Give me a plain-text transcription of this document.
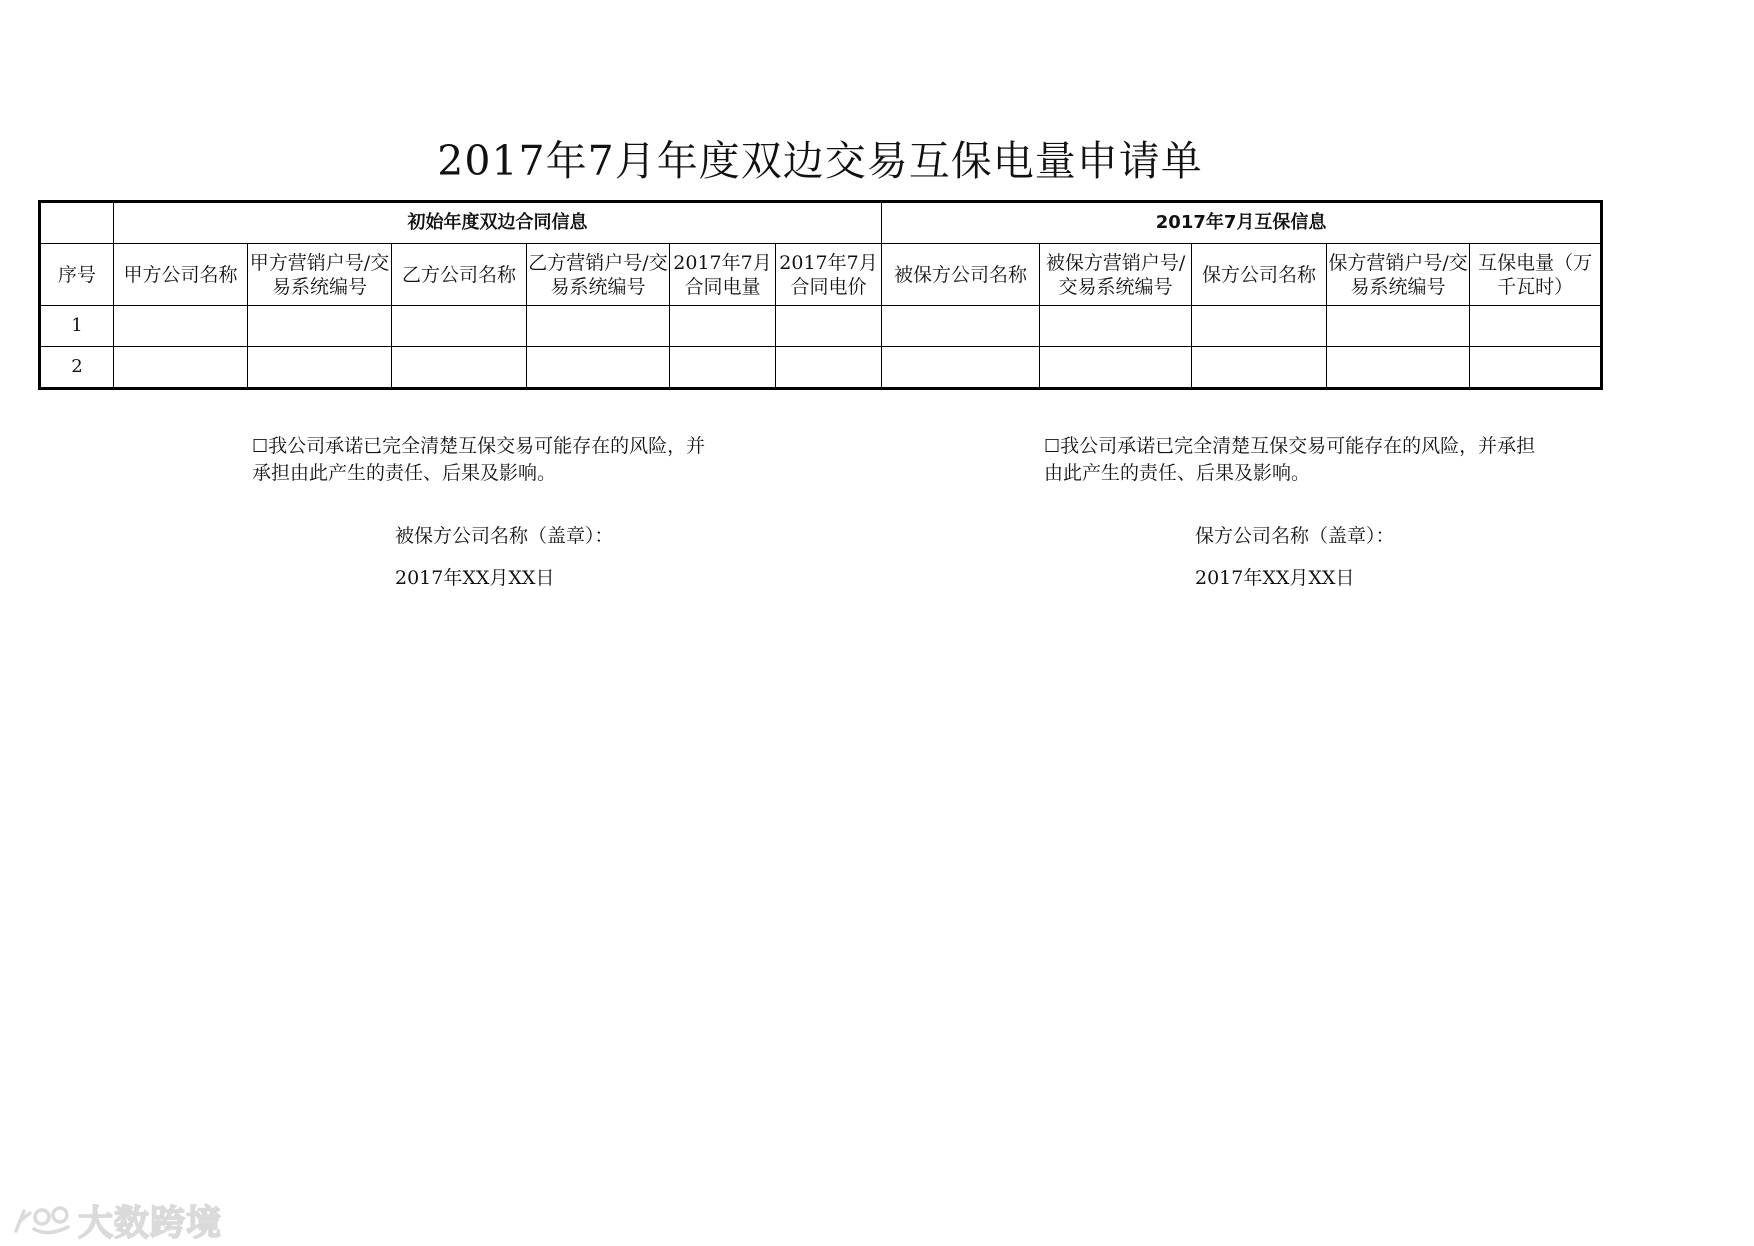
2017年7月年度双边交易互保电量申请单
	初始年度双边合同信息						2017年7月互保信息				

序号	甲方公司名称	甲方营销户号/交易系统编号	乙方公司名称	乙方营销户号/交易系统编号	2017年7月合同电量	2017年7月合同电价	被保方公司名称	被保方营销户号/交易系统编号	保方公司名称	保方营销户号/交易系统编号	互保电量（万千瓦时）

1											
2											
☐我公司承诺已完全清楚互保交易可能存在的风险，并
承担由此产生的责任、后果及影响。
被保方公司名称（盖章）：
2017年XX月XX日
☐我公司承诺已完全清楚互保交易可能存在的风险，并承担
由此产生的责任、后果及影响。
保方公司名称（盖章）：
2017年XX月XX日
大数跨境
